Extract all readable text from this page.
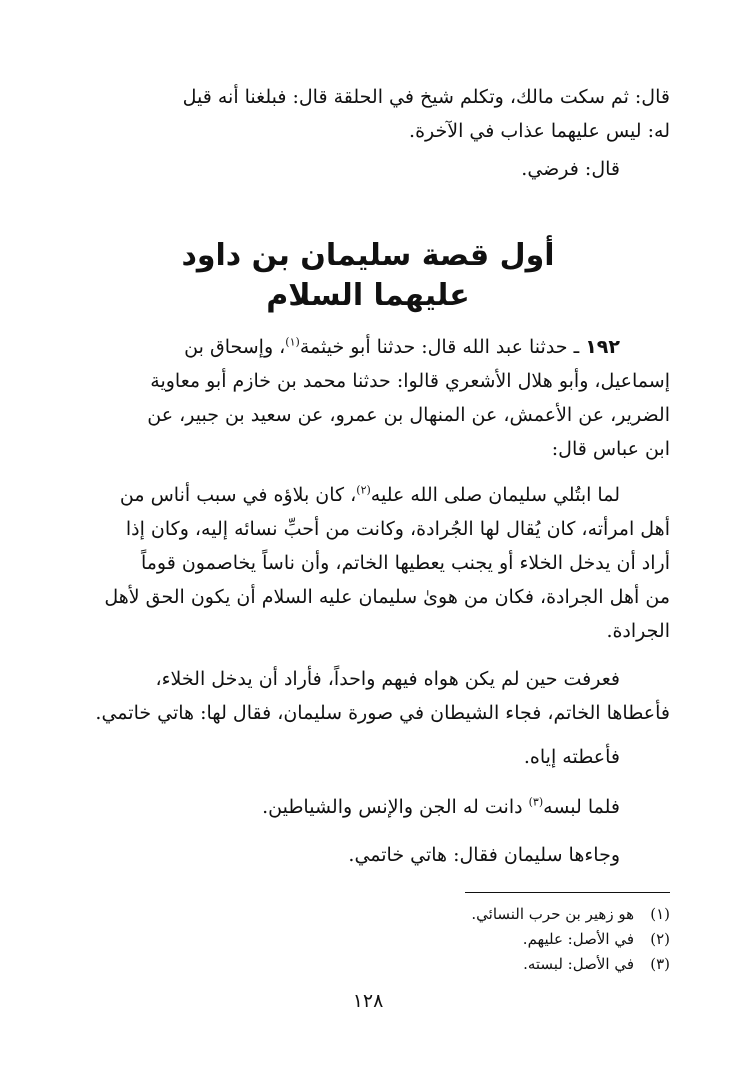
قال: ثم سكت مالك، وتكلم شيخ في الحلقة قال: فبلغنا أنه قيل
له: ليس عليهما عذاب في الآخرة.
قال: فرضي.
أول قصة سليمان بن داود
عليهما السلام
١٩٢ ـ حدثنا عبد الله قال: حدثنا أبو خيثمة$^{(١)}$، وإسحاق بن
إسماعيل، وأبو هلال الأشعري قالوا: حدثنا محمد بن خازم أبو معاوية
الضرير، عن الأعمش، عن المنهال بن عمرو، عن سعيد بن جبير، عن
ابن عباس قال:
لما ابتُلي سليمان صلى الله عليه$^{(٢)}$، كان بلاؤه في سبب أناس من
أهل امرأته، كان يُقال لها الجُرادة، وكانت من أحبِّ نسائه إليه، وكان إذا
أراد أن يدخل الخلاء أو يجنب يعطيها الخاتم، وأن ناساً يخاصمون قوماً
من أهل الجرادة، فكان من هوىٰ سليمان عليه السلام أن يكون الحق لأهل
الجرادة.
فعرفت حين لم يكن هواه فيهم واحداً، فأراد أن يدخل الخلاء،
فأعطاها الخاتم، فجاء الشيطان في صورة سليمان، فقال لها: هاتي خاتمي.
فأعطته إياه.
فلما لبسه$^{(٣)}$ دانت له الجن والإنس والشياطين.
وجاءها سليمان فقال: هاتي خاتمي.
(١)هو زهير بن حرب النسائي.
(٢)في الأصل: عليهم.
(٣)في الأصل: لبسته.
١٢٨
